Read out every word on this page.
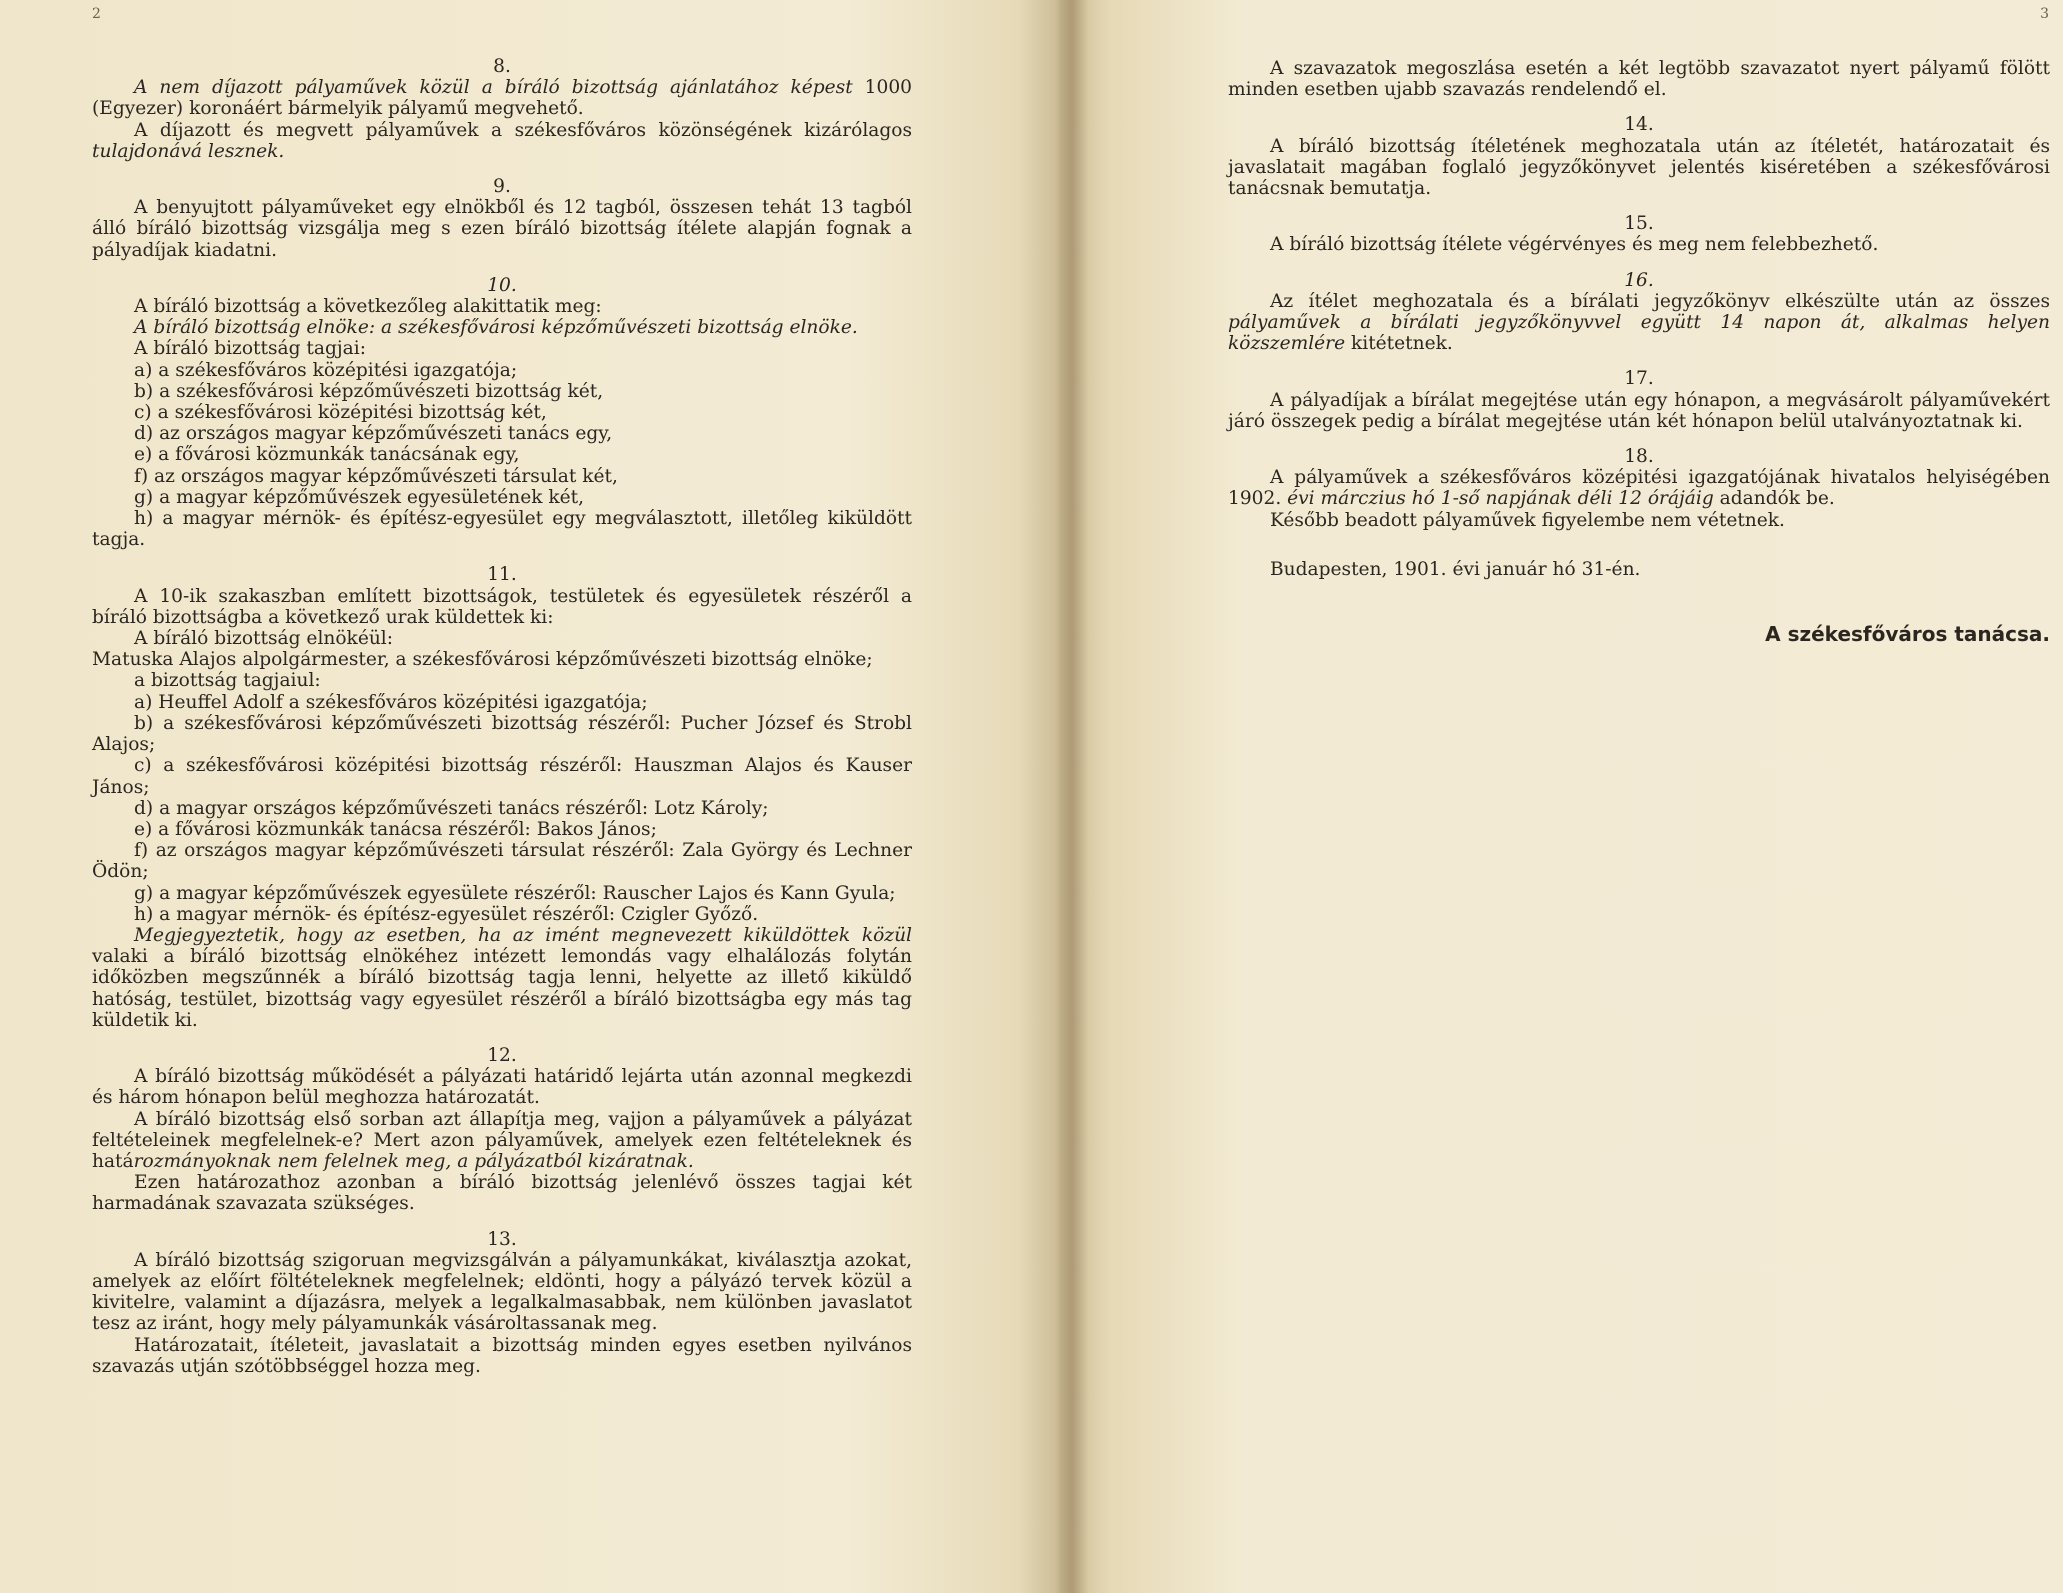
2

8.

A nem díjazott pályaművek közül a bíráló bizottság ajánlatához képest 1000 (Egyezer) koronáért bármelyik pályamű megvehető.

A díjazott és megvett pályaművek a székesfőváros közönségének kizárólagos tulajdonává lesznek.

9.

A benyujtott pályaműveket egy elnökből és 12 tagból, összesen tehát 13 tagból álló bíráló bizottság vizsgálja meg s ezen bíráló bizottság ítélete alapján fognak a pályadíjak kiadatni.

10.

A bíráló bizottság a következőleg alakittatik meg:

A bíráló bizottság elnöke: a székesfővárosi képzőművészeti bizottság elnöke.

A bíráló bizottság tagjai:

a) a székesfőváros középitési igazgatója;

b) a székesfővárosi képzőművészeti bizottság két,

c) a székesfővárosi középitési bizottság két,

d) az országos magyar képzőművészeti tanács egy,

e) a fővárosi közmunkák tanácsának egy,

f) az országos magyar képzőművészeti társulat két,

g) a magyar képzőművészek egyesületének két,

h) a magyar mérnök- és építész-egyesület egy megválasztott, illetőleg kiküldött tagja.

11.

A 10-ik szakaszban említett bizottságok, testületek és egyesületek részéről a bíráló bizottságba a következő urak küldettek ki:

A bíráló bizottság elnökéül:

Matuska Alajos alpolgármester, a székesfővárosi képzőművészeti bizottság elnöke;

a bizottság tagjaiul:

a) Heuffel Adolf a székesfőváros középitési igazgatója;

b) a székesfővárosi képzőművészeti bizottság részéről: Pucher József és Strobl Alajos;

c) a székesfővárosi középitési bizottság részéről: Hauszman Alajos és Kauser János;

d) a magyar országos képzőművészeti tanács részéről: Lotz Károly;

e) a fővárosi közmunkák tanácsa részéről: Bakos János;

f) az országos magyar képzőművészeti társulat részéről: Zala György és Lechner Ödön;

g) a magyar képzőművészek egyesülete részéről: Rauscher Lajos és Kann Gyula;

h) a magyar mérnök- és építész-egyesület részéről: Czigler Győző.

Megjegyeztetik, hogy az esetben, ha az imént megnevezett kiküldöttek közül valaki a bíráló bizottság elnökéhez intézett lemondás vagy elhalálozás folytán időközben megszűnnék a bíráló bizottság tagja lenni, helyette az illető kiküldő hatóság, testület, bizottság vagy egyesület részéről a bíráló bizottságba egy más tag küldetik ki.

12.

A bíráló bizottság működését a pályázati határidő lejárta után azonnal megkezdi és három hónapon belül meghozza határozatát.

A bíráló bizottság első sorban azt állapítja meg, vajjon a pályaművek a pályázat feltételeinek megfelelnek-e? Mert azon pályaművek, amelyek ezen feltételeknek és határozmányoknak nem felelnek meg, a pályázatból kizáratnak.

Ezen határozathoz azonban a bíráló bizottság jelenlévő összes tagjai két harmadának szavazata szükséges.

13.

A bíráló bizottság szigoruan megvizsgálván a pályamunkákat, kiválasztja azokat, amelyek az előírt föltételeknek megfelelnek; eldönti, hogy a pályázó tervek közül a kivitelre, valamint a díjazásra, melyek a legalkalmasabbak, nem különben javaslatot tesz az iránt, hogy mely pályamunkák vásároltassanak meg.

Határozatait, ítéleteit, javaslatait a bizottság minden egyes esetben nyilvános szavazás utján szótöbbséggel hozza meg.

3

A szavazatok megoszlása esetén a két legtöbb szavazatot nyert pályamű fölött minden esetben ujabb szavazás rendelendő el.

14.

A bíráló bizottság ítéletének meghozatala után az ítéletét, határozatait és javaslatait magában foglaló jegyzőkönyvet jelentés kiséretében a székesfővárosi tanácsnak bemutatja.

15.

A bíráló bizottság ítélete végérvényes és meg nem felebbezhető.

16.

Az ítélet meghozatala és a bírálati jegyzőkönyv elkészülte után az összes pályaművek a bírálati jegyzőkönyvvel együtt 14 napon át, alkalmas helyen közszemlére kitétetnek.

17.

A pályadíjak a bírálat megejtése után egy hónapon, a megvásárolt pályaművekért járó összegek pedig a bírálat megejtése után két hónapon belül utalványoztatnak ki.

18.

A pályaművek a székesfőváros középitési igazgatójának hivatalos helyiségében 1902. évi márczius hó 1-ső napjának déli 12 órájáig adandók be.

Később beadott pályaművek figyelembe nem vétetnek.

Budapesten, 1901. évi január hó 31-én.

A székesfőváros tanácsa.
